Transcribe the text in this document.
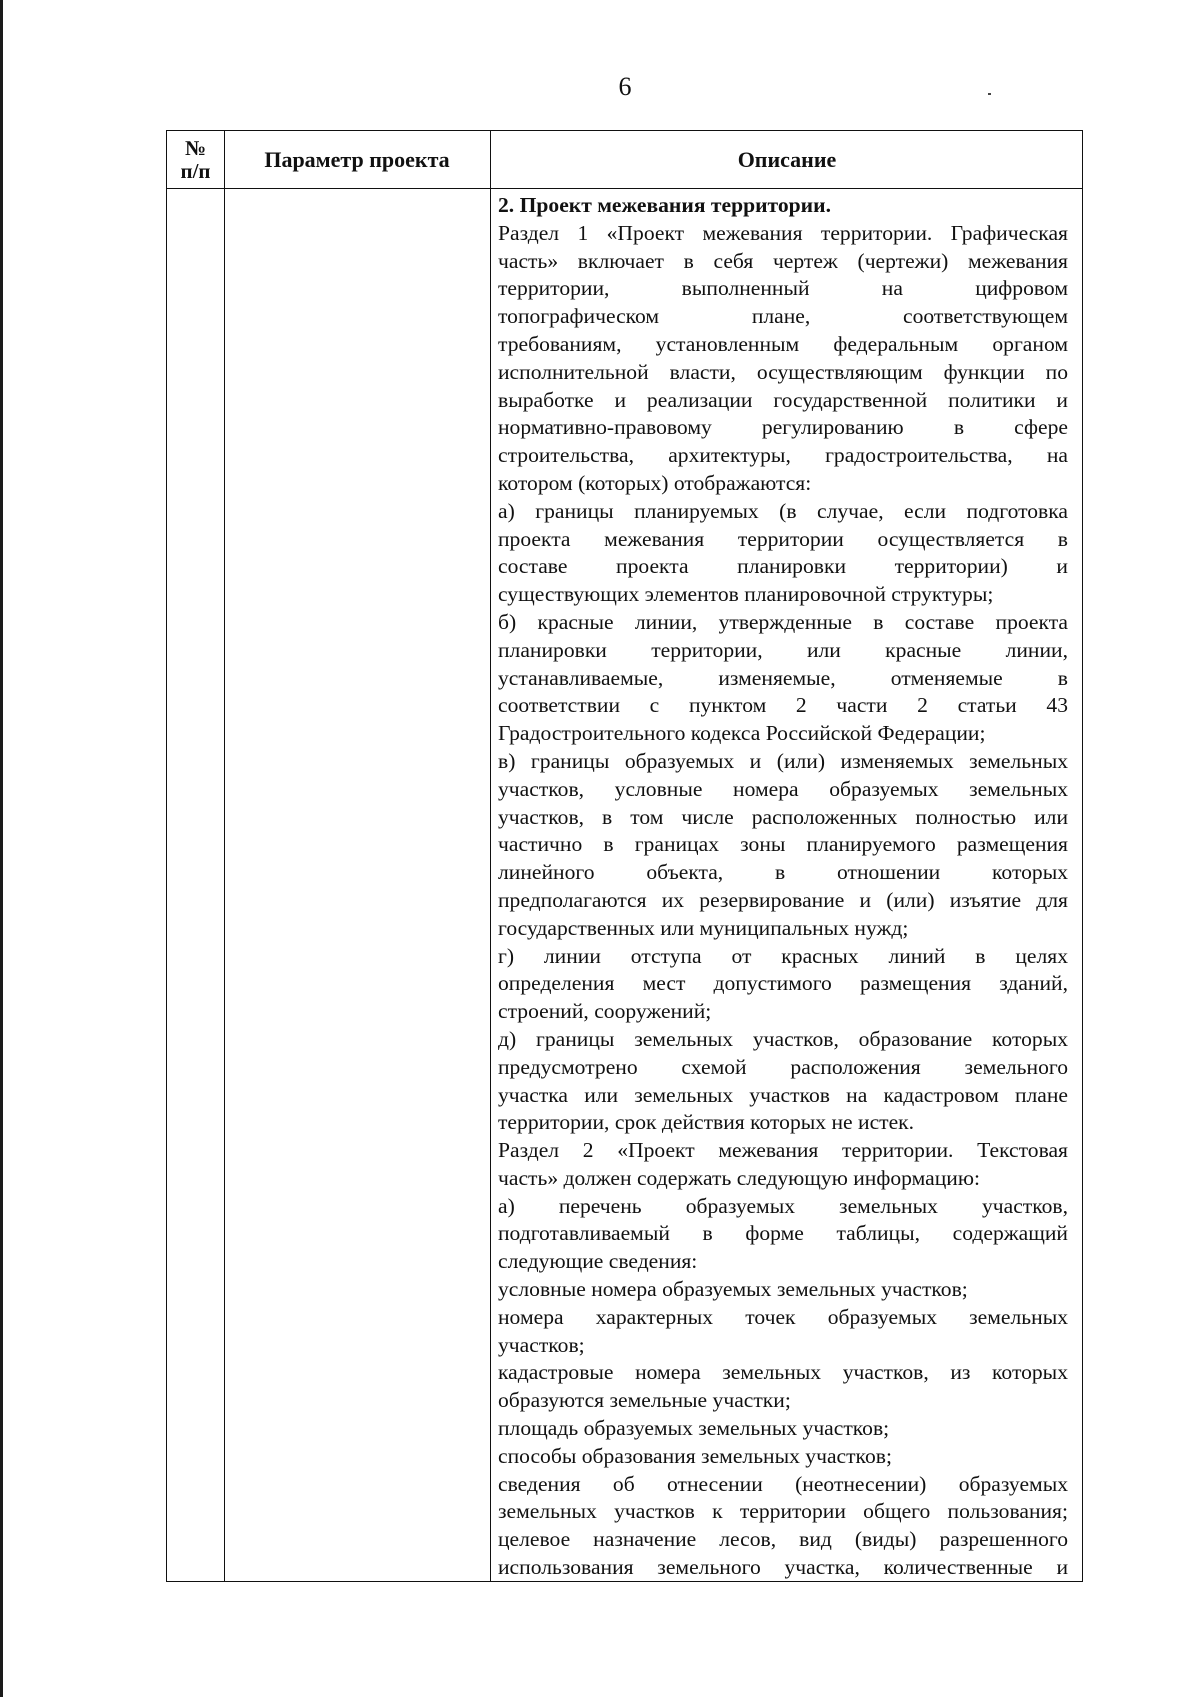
6
№
п/п	Параметр проекта	Описание
2. Проект межевания территории.
Раздел 1 «Проект межевания территории. Графическая
часть» включает в себя чертеж (чертежи) межевания
территории, выполненный на цифровом
топографическом плане, соответствующем
требованиям, установленным федеральным органом
исполнительной власти, осуществляющим функции по
выработке и реализации государственной политики и
нормативно-правовому регулированию в сфере
строительства, архитектуры, градостроительства, на
котором (которых) отображаются:
а) границы планируемых (в случае, если подготовка
проекта межевания территории осуществляется в
составе проекта планировки территории) и
существующих элементов планировочной структуры;
б) красные линии, утвержденные в составе проекта
планировки территории, или красные линии,
устанавливаемые, изменяемые, отменяемые в
соответствии с пунктом 2 части 2 статьи 43
Градостроительного кодекса Российской Федерации;
в) границы образуемых и (или) изменяемых земельных
участков, условные номера образуемых земельных
участков, в том числе расположенных полностью или
частично в границах зоны планируемого размещения
линейного объекта, в отношении которых
предполагаются их резервирование и (или) изъятие для
государственных или муниципальных нужд;
г) линии отступа от красных линий в целях
определения мест допустимого размещения зданий,
строений, сооружений;
д) границы земельных участков, образование которых
предусмотрено схемой расположения земельного
участка или земельных участков на кадастровом плане
территории, срок действия которых не истек.
Раздел 2 «Проект межевания территории. Текстовая
часть» должен содержать следующую информацию:
а) перечень образуемых земельных участков,
подготавливаемый в форме таблицы, содержащий
следующие сведения:
условные номера образуемых земельных участков;
номера характерных точек образуемых земельных
участков;
кадастровые номера земельных участков, из которых
образуются земельные участки;
площадь образуемых земельных участков;
способы образования земельных участков;
сведения об отнесении (неотнесении) образуемых
земельных участков к территории общего пользования;
целевое назначение лесов, вид (виды) разрешенного
использования земельного участка, количественные и
